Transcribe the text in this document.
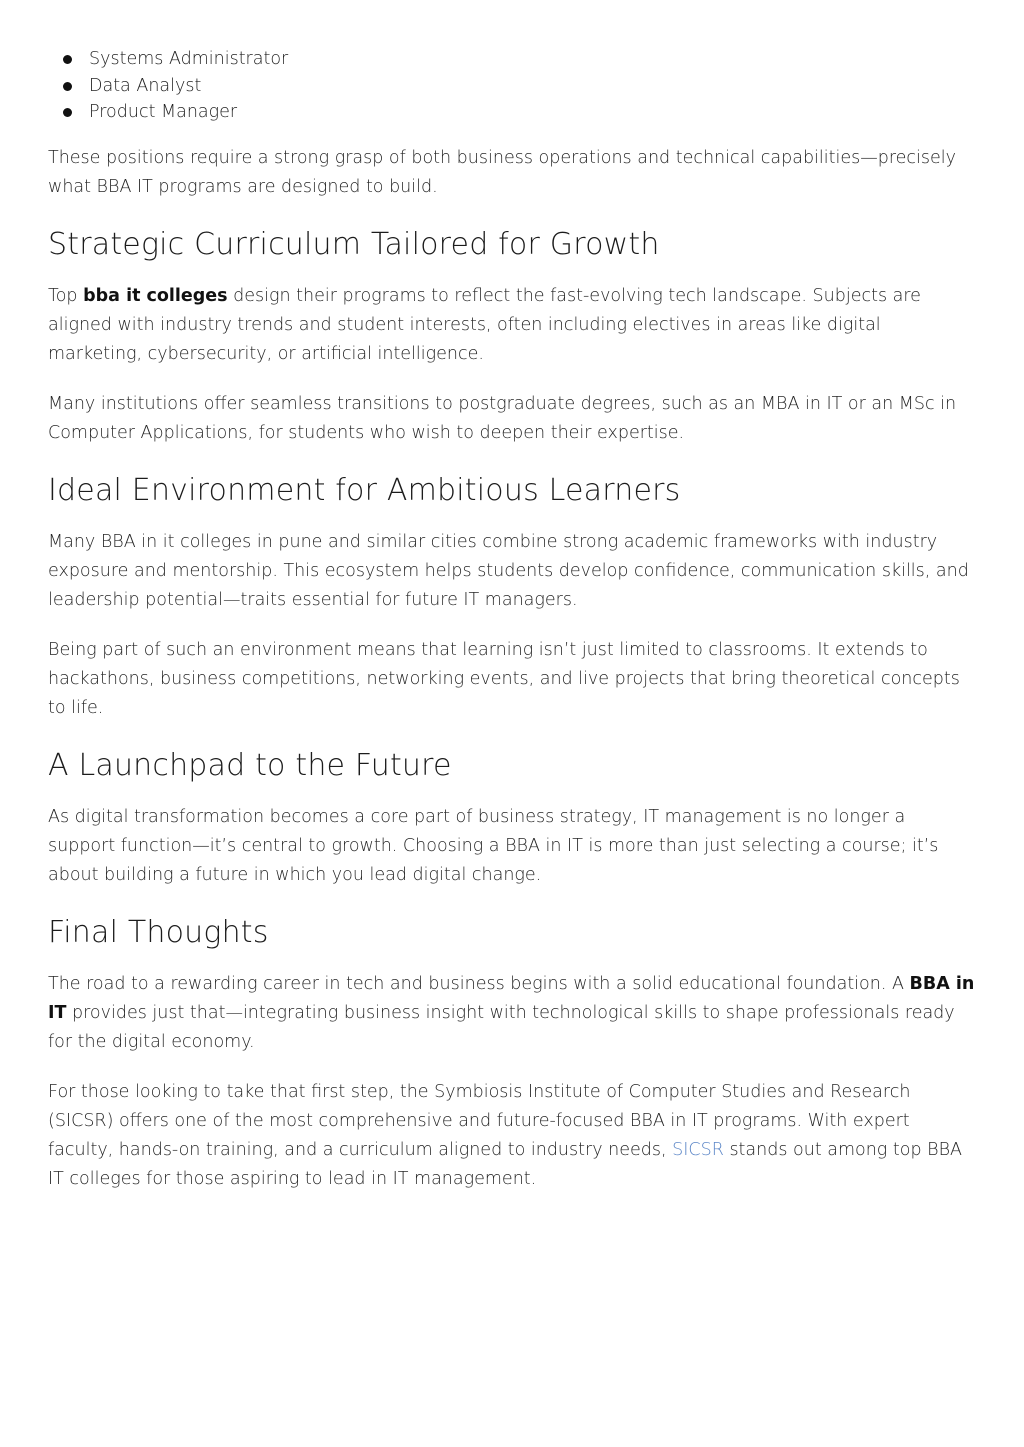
Systems Administrator
Data Analyst
Product Manager

These positions require a strong grasp of both business operations and technical capabilities—precisely what BBA IT programs are designed to build.

Strategic Curriculum Tailored for Growth

Top bba it colleges design their programs to reflect the fast-evolving tech landscape. Subjects are aligned with industry trends and student interests, often including electives in areas like digital marketing, cybersecurity, or artificial intelligence.

Many institutions offer seamless transitions to postgraduate degrees, such as an MBA in IT or an MSc in Computer Applications, for students who wish to deepen their expertise.

Ideal Environment for Ambitious Learners

Many BBA in it colleges in pune and similar cities combine strong academic frameworks with industry exposure and mentorship. This ecosystem helps students develop confidence, communication skills, and leadership potential—traits essential for future IT managers.

Being part of such an environment means that learning isn’t just limited to classrooms. It extends to hackathons, business competitions, networking events, and live projects that bring theoretical concepts to life.

A Launchpad to the Future

As digital transformation becomes a core part of business strategy, IT management is no longer a support function—it’s central to growth. Choosing a BBA in IT is more than just selecting a course; it’s about building a future in which you lead digital change.

Final Thoughts

The road to a rewarding career in tech and business begins with a solid educational foundation. A BBA in IT provides just that—integrating business insight with technological skills to shape professionals ready for the digital economy.

For those looking to take that first step, the Symbiosis Institute of Computer Studies and Research (SICSR) offers one of the most comprehensive and future-focused BBA in IT programs. With expert faculty, hands-on training, and a curriculum aligned to industry needs, SICSR stands out among top BBA IT colleges for those aspiring to lead in IT management.
